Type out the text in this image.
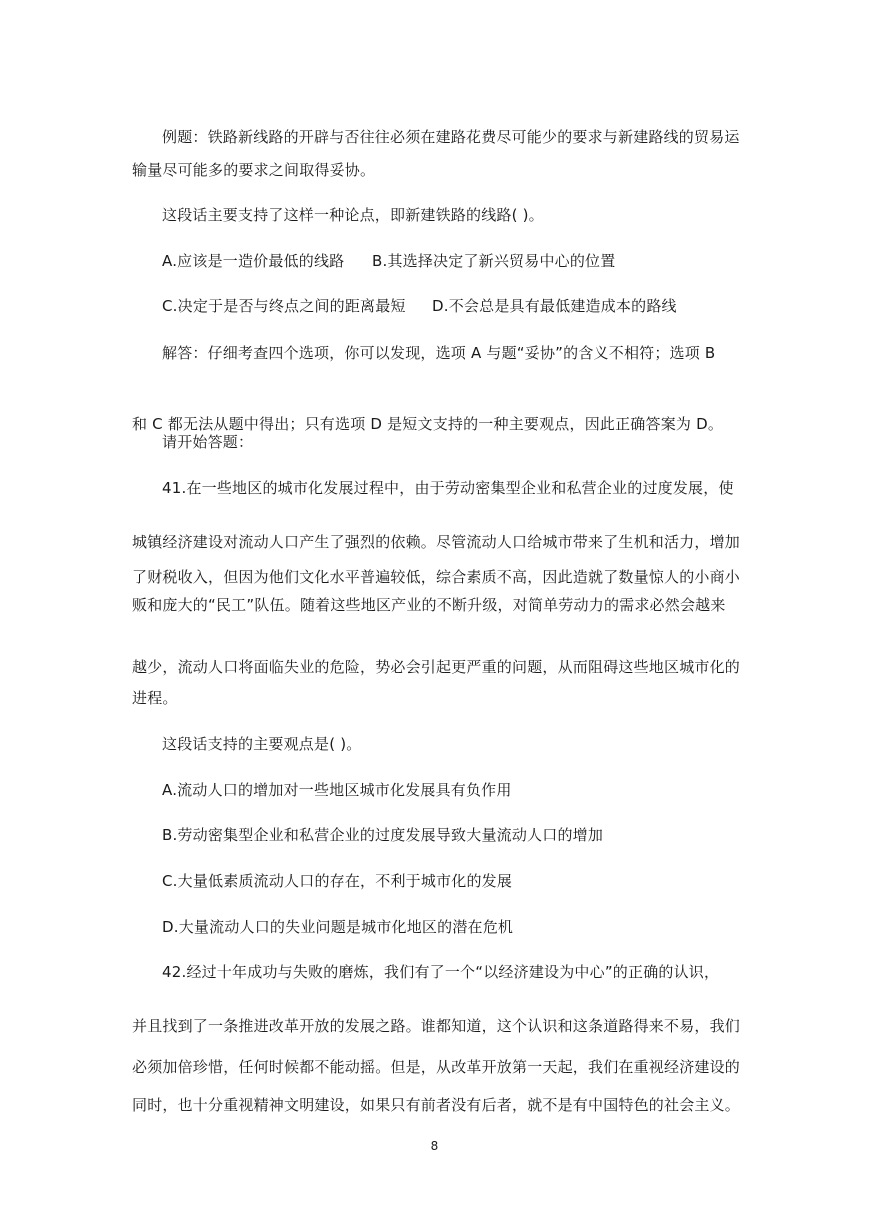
例题：铁路新线路的开辟与否往往必须在建路花费尽可能少的要求与新建路线的贸易运
输量尽可能多的要求之间取得妥协。
这段话主要支持了这样一种论点，即新建铁路的线路( )。
A.应该是一造价最低的线路 B.其选择决定了新兴贸易中心的位置
C.决定于是否与终点之间的距离最短 D.不会总是具有最低建造成本的路线
解答：仔细考查四个选项，你可以发现，选项 A 与题“妥协”的含义不相符；选项 B
和 C 都无法从题中得出；只有选项 D 是短文支持的一种主要观点，因此正确答案为 D。
请开始答题：
41.在一些地区的城市化发展过程中，由于劳动密集型企业和私营企业的过度发展，使
城镇经济建设对流动人口产生了强烈的依赖。尽管流动人口给城市带来了生机和活力，增加
了财税收入，但因为他们文化水平普遍较低，综合素质不高，因此造就了数量惊人的小商小
贩和庞大的“民工”队伍。随着这些地区产业的不断升级，对简单劳动力的需求必然会越来
越少，流动人口将面临失业的危险，势必会引起更严重的问题，从而阻碍这些地区城市化的
进程。
这段话支持的主要观点是( )。
A.流动人口的增加对一些地区城市化发展具有负作用
B.劳动密集型企业和私营企业的过度发展导致大量流动人口的增加
C.大量低素质流动人口的存在，不利于城市化的发展
D.大量流动人口的失业问题是城市化地区的潜在危机
42.经过十年成功与失败的磨炼，我们有了一个“以经济建设为中心”的正确的认识，
并且找到了一条推进改革开放的发展之路。谁都知道，这个认识和这条道路得来不易，我们
必须加倍珍惜，任何时候都不能动摇。但是，从改革开放第一天起，我们在重视经济建设的
同时，也十分重视精神文明建设，如果只有前者没有后者，就不是有中国特色的社会主义。
8
